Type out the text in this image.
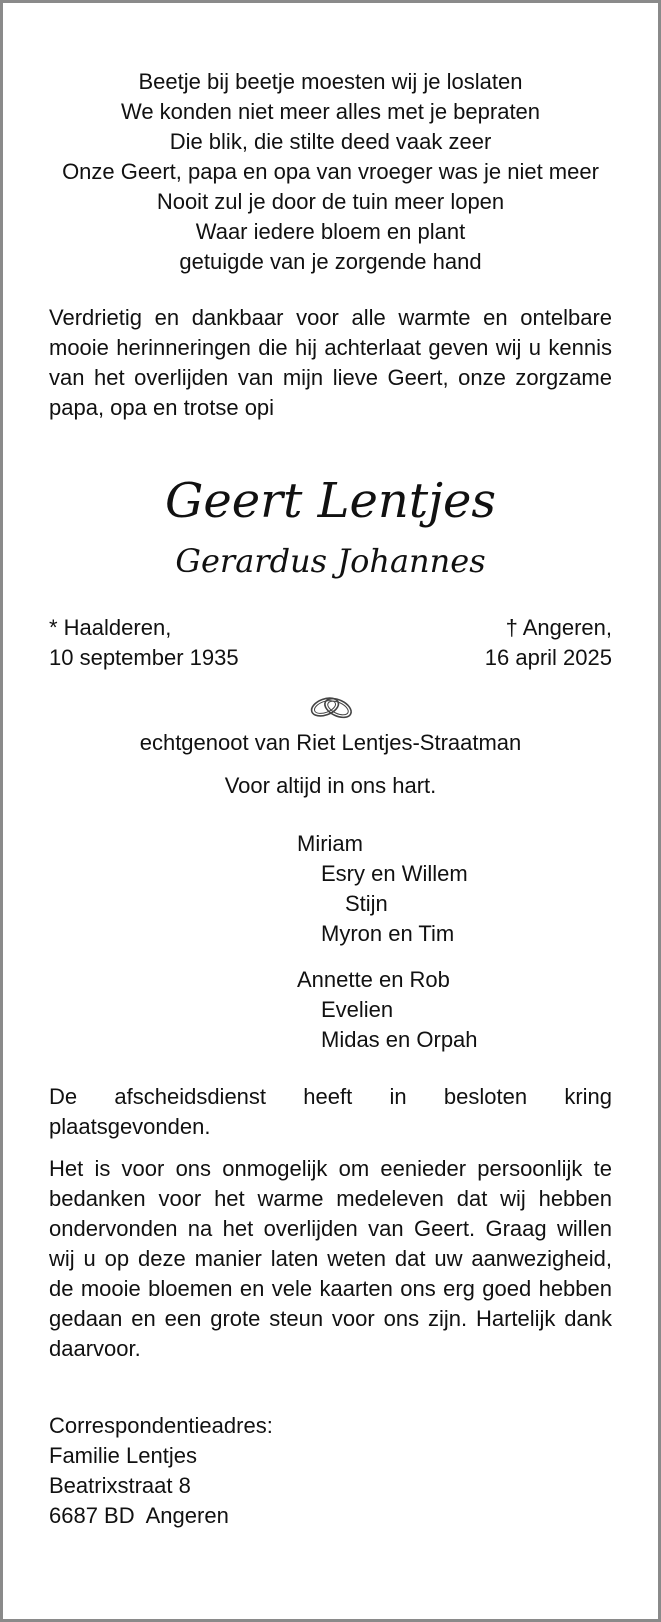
Beetje bij beetje moesten wij je loslaten
We konden niet meer alles met je bepraten
Die blik, die stilte deed vaak zeer
Onze Geert, papa en opa van vroeger was je niet meer
Nooit zul je door de tuin meer lopen
Waar iedere bloem en plant
getuigde van je zorgende hand
Verdrietig en dankbaar voor alle warmte en ontelbare mooie herinneringen die hij achterlaat geven wij u kennis van het overlijden van mijn lieve Geert, onze zorgzame papa, opa en trotse opi
Geert Lentjes
Gerardus Johannes
* Haalderen,
10 september 1935
† Angeren,
16 april 2025
echtgenoot van Riet Lentjes-Straatman
Voor altijd in ons hart.
Miriam
Esry en Willem
Stijn
Myron en Tim
Annette en Rob
Evelien
Midas en Orpah
De afscheidsdienst heeft in besloten kring plaatsgevonden.
Het is voor ons onmogelijk om eenieder persoonlijk te bedanken voor het warme medeleven dat wij hebben ondervonden na het overlijden van Geert. Graag willen wij u op deze manier laten weten dat uw aanwezigheid, de mooie bloemen en vele kaarten ons erg goed hebben gedaan en een grote steun voor ons zijn. Hartelijk dank daarvoor.
Correspondentieadres:
Familie Lentjes
Beatrixstraat 8
6687 BD  Angeren
